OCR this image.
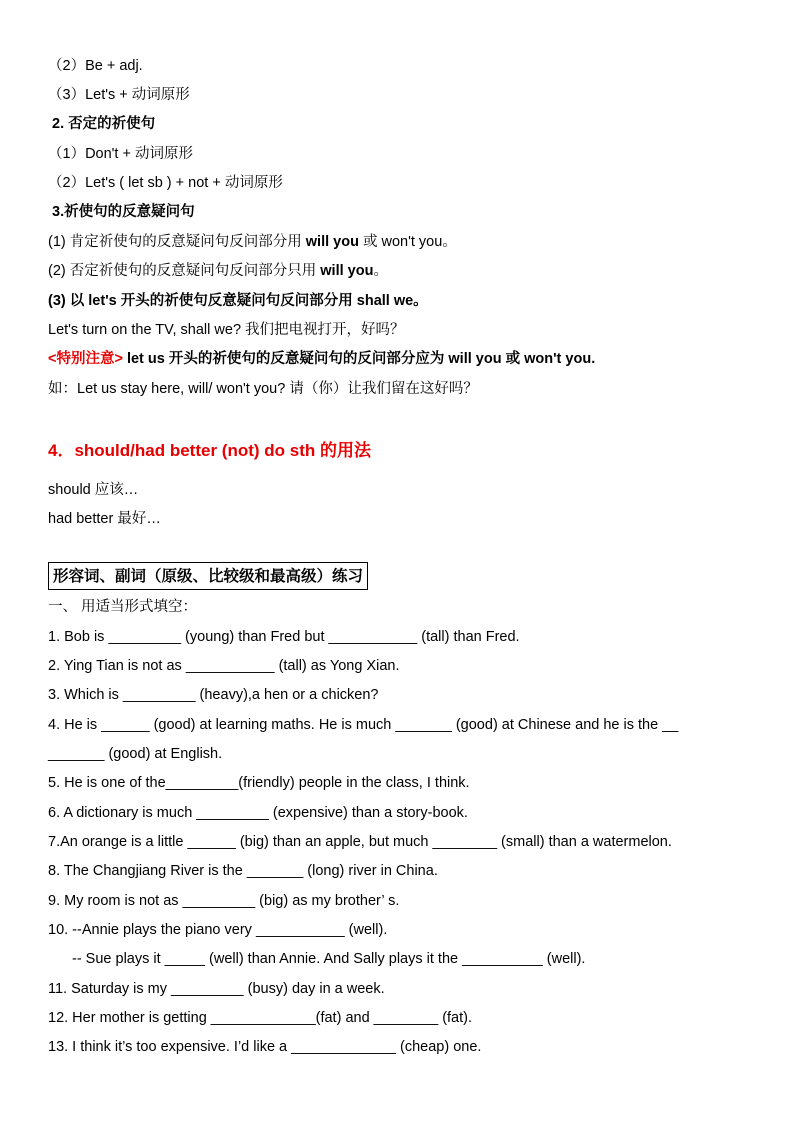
（2）Be + adj.
（3）Let's + 动词原形
2. 否定的祈使句
（1）Don't + 动词原形
（2）Let's ( let sb ) + not + 动词原形
3.祈使句的反意疑问句
(1) 肯定祈使句的反意疑问句反问部分用 will you 或 won't you。
(2) 否定祈使句的反意疑问句反问部分只用 will you。
(3) 以 let's 开头的祈使句反意疑问句反问部分用 shall we。
Let's turn on the TV, shall we? 我们把电视打开，好吗？
<特别注意> let us 开头的祈使句的反意疑问句的反问部分应为 will you 或 won't you.
如：Let us stay here, will/ won't you? 请（你）让我们留在这好吗？
4．should/had better (not) do sth 的用法
should 应该…
had better 最好…
形容词、副词（原级、比较级和最高级）练习
一、 用适当形式填空：
1. Bob is _________ (young) than Fred but ___________ (tall) than Fred.
2. Ying Tian is not as ___________ (tall) as Yong Xian.
3. Which is _________ (heavy),a hen or a chicken?
4. He is ______ (good) at learning maths. He is much _______ (good) at Chinese and he is the __
_______ (good) at English.
5. He is one of the_________(friendly) people in the class, I think.
6. A dictionary is much _________ (expensive) than a story-book.
7.An orange is a little ______ (big) than an apple, but much ________ (small) than a watermelon.
8. The Changjiang River is the _______ (long) river in China.
9. My room is not as _________ (big) as my brother’ s.
10. --Annie plays the piano very ___________ (well).
-- Sue plays it _____ (well) than Annie. And Sally plays it the __________ (well).
11. Saturday is my _________ (busy) day in a week.
12. Her mother is getting _____________(fat) and ________ (fat).
13. I think it’s too expensive. I’d like a _____________ (cheap) one.
